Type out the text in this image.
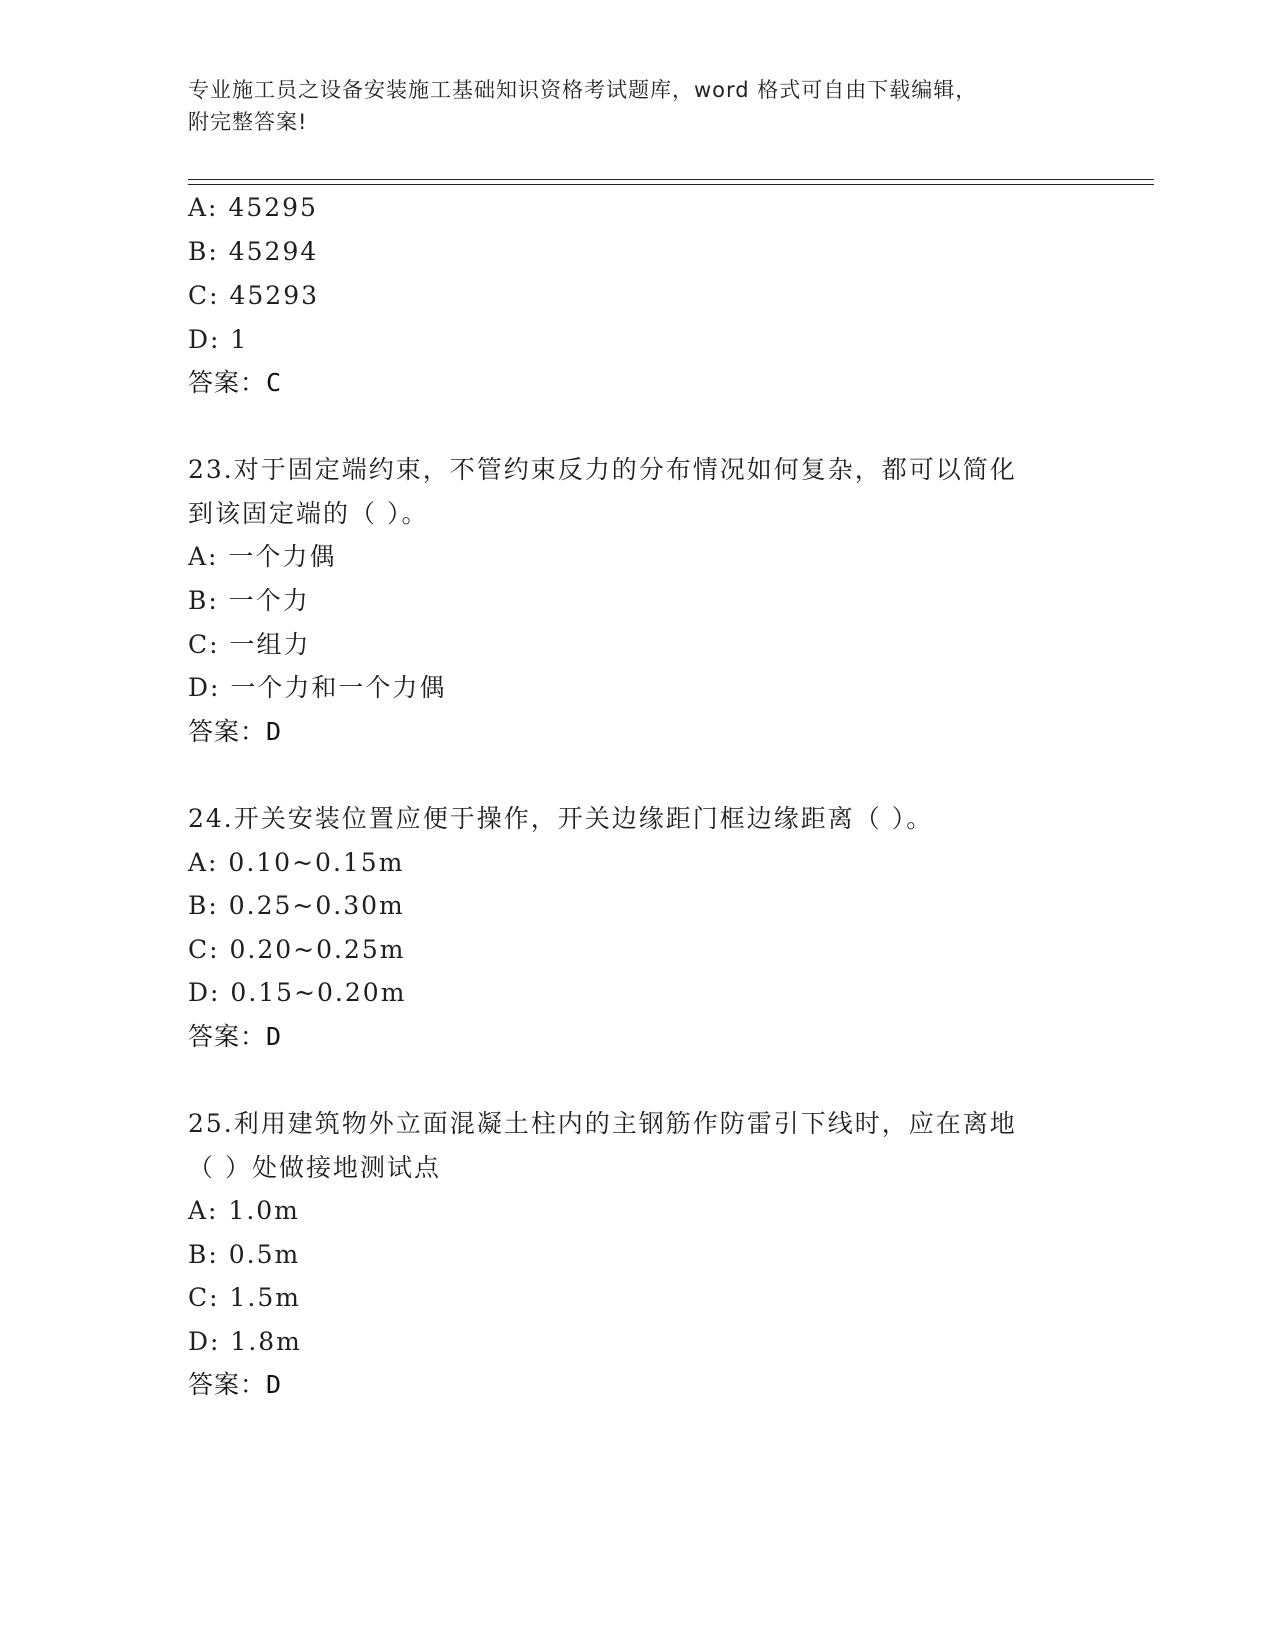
专业施工员之设备安装施工基础知识资格考试题库，word 格式可自由下载编辑，
附完整答案!
A: 45295
B: 45294
C: 45293
D: 1
答案：C
23.对于固定端约束，不管约束反力的分布情况如何复杂，都可以简化
到该固定端的（ ）。
A: 一个力偶
B: 一个力
C: 一组力
D: 一个力和一个力偶
答案：D
24.开关安装位置应便于操作，开关边缘距门框边缘距离（ ）。
A: 0.10~0.15m
B: 0.25~0.30m
C: 0.20~0.25m
D: 0.15~0.20m
答案：D
25.利用建筑物外立面混凝土柱内的主钢筋作防雷引下线时，应在离地
（ ）处做接地测试点
A: 1.0m
B: 0.5m
C: 1.5m
D: 1.8m
答案：D
